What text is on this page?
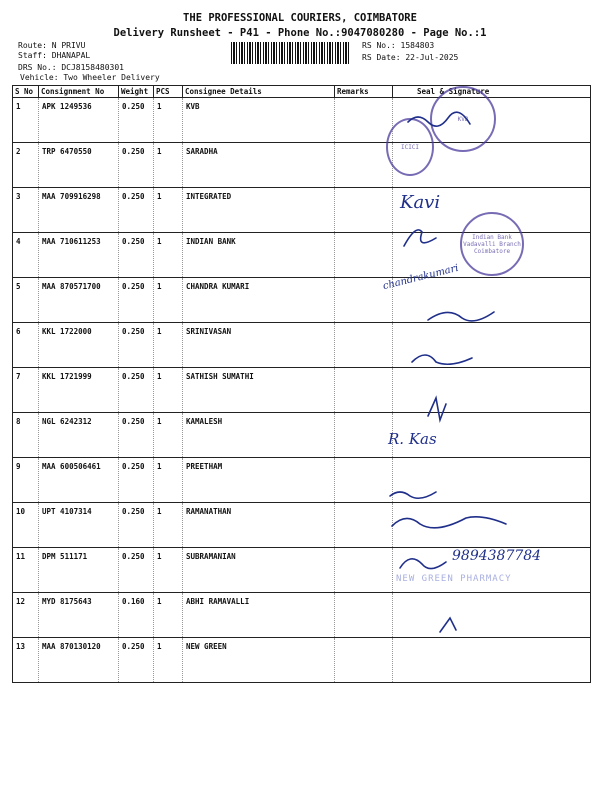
THE PROFESSIONAL COURIERS, COIMBATORE
Delivery Runsheet - P41 - Phone No.:9047080280 - Page No.:1
Route: N PRIVU
Staff: DHANAPAL
DRS No.: DCJ8158480301
Vehicle: Two Wheeler Delivery
RS No.: 1584803
RS Date: 22-Jul-2025
S No	Consignment No	Weight	PCS	Consignee Details	Remarks	Seal & Signature
1	APK 1249536	0.250	1	KVB		
2	TRP 6470550	0.250	1	SARADHA		
3	MAA 709916298	0.250	1	INTEGRATED		
4	MAA 710611253	0.250	1	INDIAN BANK		
5	MAA 870571700	0.250	1	CHANDRA KUMARI		
6	KKL 1722000	0.250	1	SRINIVASAN		
7	KKL 1721999	0.250	1	SATHISH SUMATHI		
8	NGL 6242312	0.250	1	KAMALESH		
9	MAA 600506461	0.250	1	PREETHAM		
10	UPT 4107314	0.250	1	RAMANATHAN		
11	DPM 511171	0.250	1	SUBRAMANIAN		
12	MYD 8175643	0.160	1	ABHI RAMAVALLI		
13	MAA 870130120	0.250	1	NEW GREEN		
KVB
ICICI
Indian Bank Vadavalli Branch Coimbatore
Kavi
chandrakumari
R. Kas
9894387784
NEW GREEN PHARMACY
